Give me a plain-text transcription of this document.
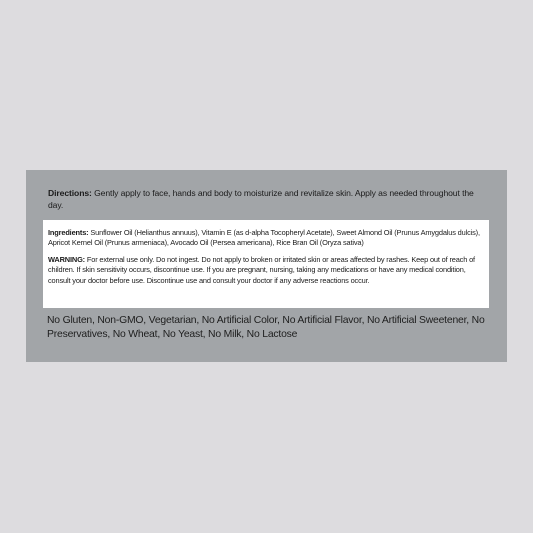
Directions: Gently apply to face, hands and body to moisturize and revitalize skin. Apply as needed throughout the day.
Ingredients: Sunflower Oil (Helianthus annuus), Vitamin E (as d-alpha Tocopheryl Acetate), Sweet Almond Oil (Prunus Amygdalus dulcis), Apricot Kernel Oil (Prunus armeniaca), Avocado Oil (Persea americana), Rice Bran Oil (Oryza sativa)
WARNING: For external use only. Do not ingest. Do not apply to broken or irritated skin or areas affected by rashes. Keep out of reach of children. If skin sensitivity occurs, discontinue use. If you are pregnant, nursing, taking any medications or have any medical condition, consult your doctor before use. Discontinue use and consult your doctor if any adverse reactions occur.
No Gluten, Non-GMO, Vegetarian, No Artificial Color, No Artificial Flavor, No Artificial Sweetener, No Preservatives, No Wheat, No Yeast, No Milk, No Lactose
